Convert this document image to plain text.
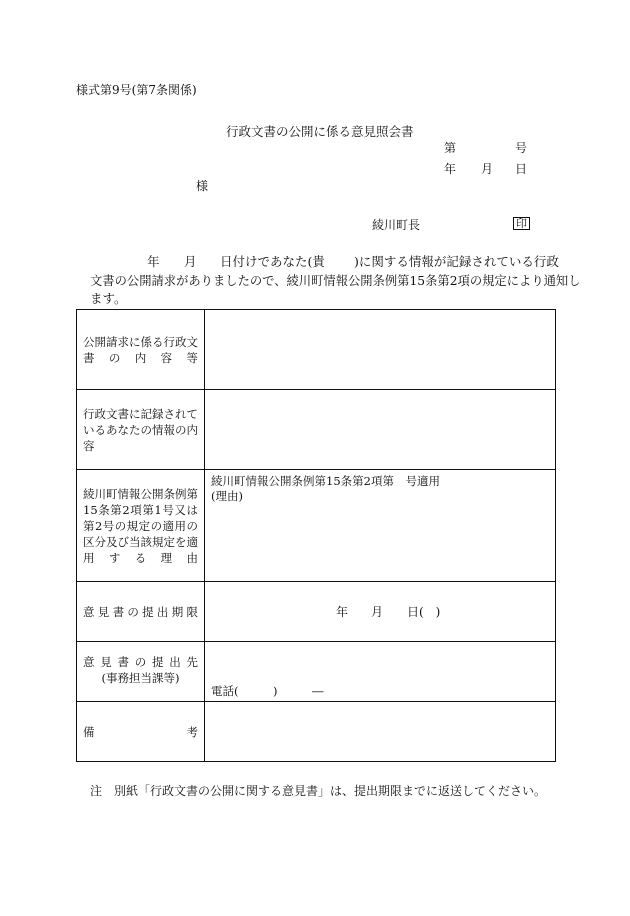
様式第9号(第7条関係)
行政文書の公開に係る意見照会書
第	号
年 月 日
様
綾川町長	印
年 月 日付けであなた(貴 )に関する情報が記録されている行政
文書の公開請求がありましたので、綾川町情報公開条例第15条第2項の規定により通知し
ます。
公開請求に係る行政文書の内容等	

行政文書に記録されているあなたの情報の内容	

綾川町情報公開条例第15条第2項第1号又は第2号の規定の適用の区分及び当該規定を適用する理由	綾川町情報公開条例第15条第2項第　号適用
(理由)

意見書の提出期限	年 月 日(　)

意見書の提出先
(事務担当課等)	電話(　　　)　　　―

備 考	

注　別紙「行政文書の公開に関する意見書」は、提出期限までに返送してください。
